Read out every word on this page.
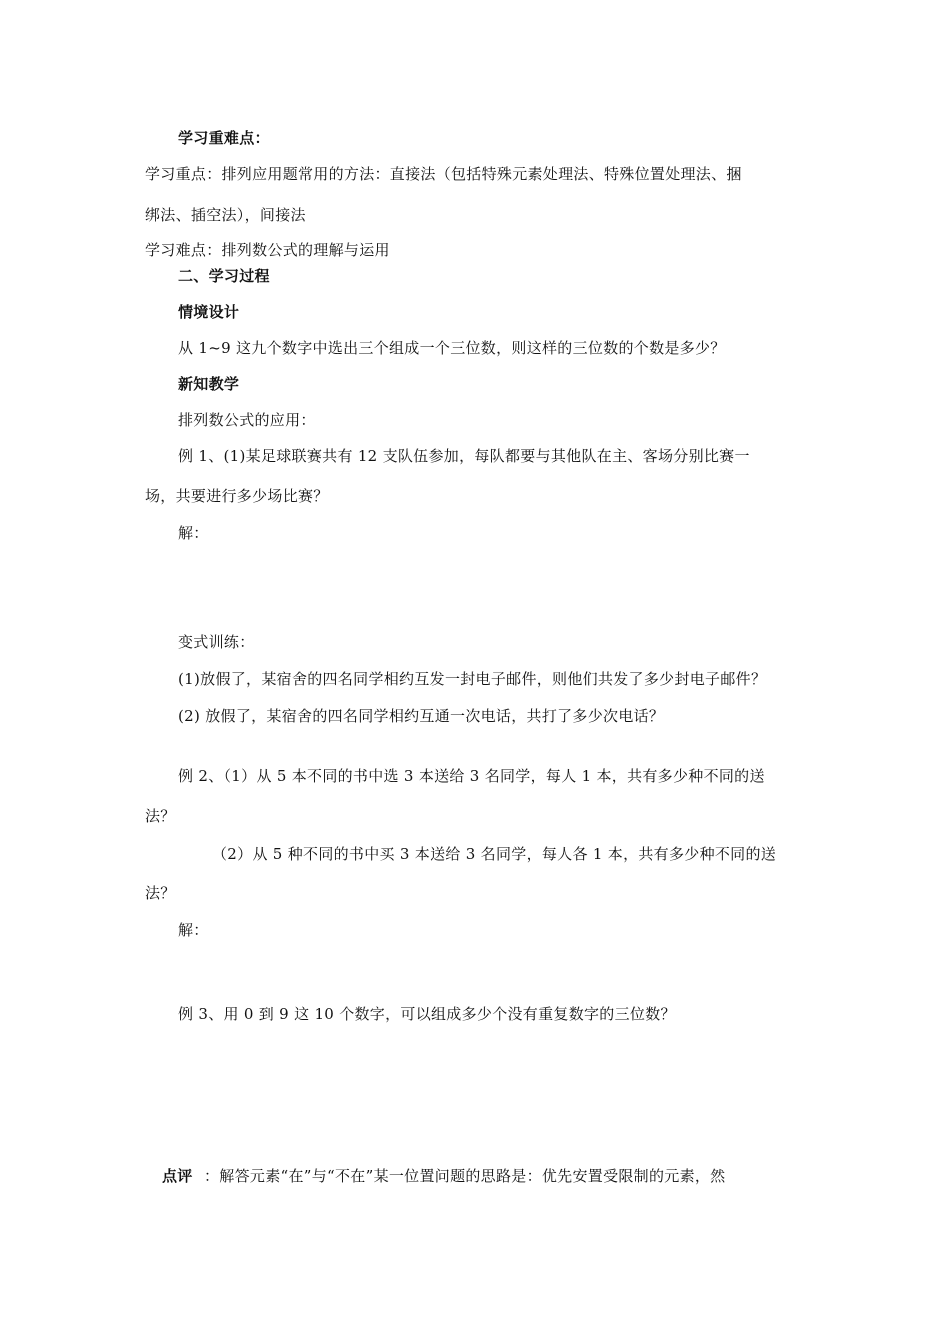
学习重难点：
学习重点：排列应用题常用的方法：直接法（包括特殊元素处理法、特殊位置处理法、捆
绑法、插空法），间接法
学习难点：排列数公式的理解与运用
二、学习过程
情境设计
从 1~9 这九个数字中选出三个组成一个三位数，则这样的三位数的个数是多少？
新知教学
排列数公式的应用：
例 1、(1)某足球联赛共有 12 支队伍参加，每队都要与其他队在主、客场分别比赛一
场，共要进行多少场比赛？
解：
变式训练：
(1)放假了，某宿舍的四名同学相约互发一封电子邮件，则他们共发了多少封电子邮件？
(2) 放假了，某宿舍的四名同学相约互通一次电话，共打了多少次电话？
例 2、（1）从 5 本不同的书中选 3 本送给 3 名同学，每人 1 本，共有多少种不同的送
法？
（2）从 5 种不同的书中买 3 本送给 3 名同学，每人各 1 本，共有多少种不同的送
法？
解：
例 3、用 0 到 9 这 10 个数字，可以组成多少个没有重复数字的三位数？
点评 ：解答元素“在”与“不在”某一位置问题的思路是：优先安置受限制的元素，然
